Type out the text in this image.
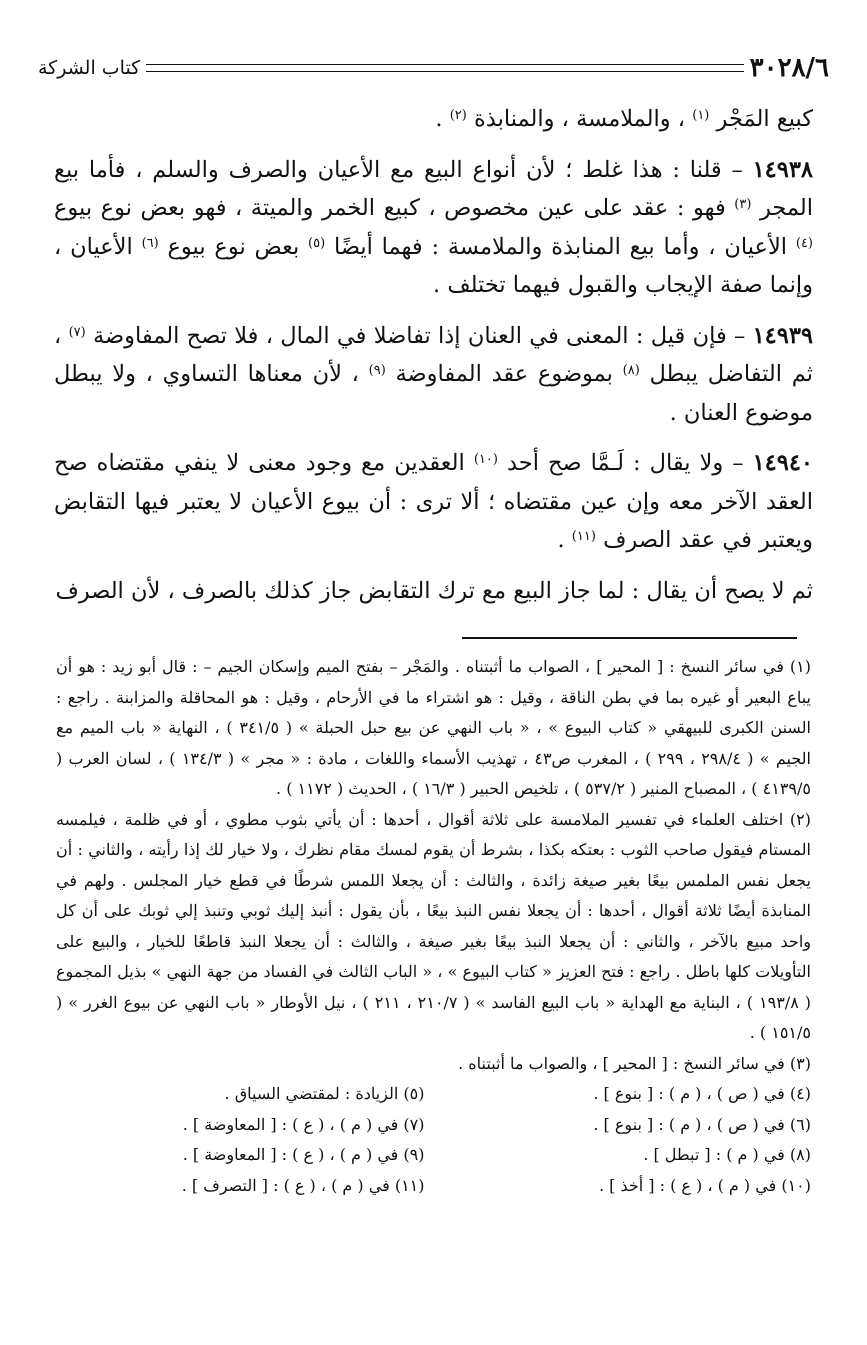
٣٠٢٨/٦
كتاب الشركة

كبيع المَجْر $^{(١)}$ ، والملامسة ، والمنابذة $^{(٢)}$ .

١٤٩٣٨ – قلنا : هذا غلط ؛ لأن أنواع البيع مع الأعيان والصرف والسلم ، فأما بيع المجر $^{(٣)}$ فهو : عقد على عين مخصوص ، كبيع الخمر والميتة ، فهو بعض نوع بيوع $^{(٤)}$ الأعيان ، وأما بيع المنابذة والملامسة : فهما أيضًا $^{(٥)}$ بعض نوع بيوع $^{(٦)}$ الأعيان ، وإنما صفة الإيجاب والقبول فيهما تختلف .

١٤٩٣٩ – فإن قيل : المعنى في العنان إذا تفاضلا في المال ، فلا تصح المفاوضة $^{(٧)}$ ، ثم التفاضل يبطل $^{(٨)}$ بموضوع عقد المفاوضة $^{(٩)}$ ، لأن معناها التساوي ، ولا يبطل موضوع العنان .

١٤٩٤٠ – ولا يقال : لَـمَّا صح أحد $^{(١٠)}$ العقدين مع وجود معنى لا ينفي مقتضاه صح العقد الآخر معه وإن عين مقتضاه ؛ ألا ترى : أن بيوع الأعيان لا يعتبر فيها التقابض ويعتبر في عقد الصرف $^{(١١)}$ .

ثم لا يصح أن يقال : لما جاز البيع مع ترك التقابض جاز كذلك بالصرف ، لأن الصرف

(١) في سائر النسخ : [ المحير ] ، الصواب ما أثبتناه . والمَجْر – بفتح الميم وإسكان الجيم – : قال أبو زيد : هو أن يباع البعير أو غيره بما في بطن الناقة ، وقيل : هو اشتراء ما في الأرحام ، وقيل : هو المحاقلة والمزابنة . راجع : السنن الكبرى للبيهقي « كتاب البيوع » ، « باب النهي عن بيع حبل الحبلة » ( ٣٤١/٥ ) ، النهاية « باب الميم مع الجيم » ( ٢٩٨/٤ ، ٢٩٩ ) ، المغرب ص٤٣ ، تهذيب الأسماء واللغات ، مادة : « مجر » ( ١٣٤/٣ ) ، لسان العرب ( ٤١٣٩/٥ ) ، المصباح المنير ( ٥٣٧/٢ ) ، تلخيص الحبير ( ١٦/٣ ) ، الحديث ( ١١٧٢ ) .

(٢) اختلف العلماء في تفسير الملامسة على ثلاثة أقوال ، أحدها : أن يأتي بثوب مطوي ، أو في ظلمة ، فيلمسه المستام فيقول صاحب الثوب : بعتكه بكذا ، بشرط أن يقوم لمسك مقام نظرك ، ولا خيار لك إذا رأيته ، والثاني : أن يجعل نفس الملمس بيعًا بغير صيغة زائدة ، والثالث : أن يجعلا اللمس شرطًا في قطع خيار المجلس . ولهم في المنابذة أيضًا ثلاثة أقوال ، أحدها : أن يجعلا نفس النبذ بيعًا ، بأن يقول : أنبذ إليك ثوبي وتنبذ إلي ثوبك على أن كل واحد مبيع بالآخر ، والثاني : أن يجعلا النبذ بيعًا بغير صيغة ، والثالث : أن يجعلا النبذ قاطعًا للخيار ، والبيع على التأويلات كلها باطل . راجع : فتح العزيز « كتاب البيوع » ، « الباب الثالث في الفساد من جهة النهي » بذيل المجموع ( ١٩٣/٨ ) ، البناية مع الهداية « باب البيع الفاسد » ( ٢١٠/٧ ، ٢١١ ) ، نيل الأوطار « باب النهي عن بيوع الغرر » ( ١٥١/٥ ) .

(٣) في سائر النسخ : [ المحير ] ، والصواب ما أثبتناه .

(٤) في ( ص ) ، ( م ) : [ بنوع ] .
(٥) الزيادة : لمقتضي السياق .
(٦) في ( ص ) ، ( م ) : [ بنوع ] .
(٧) في ( م ) ، ( ع ) : [ المعاوضة ] .
(٨) في ( م ) : [ تبطل ] .
(٩) في ( م ) ، ( ع ) : [ المعاوضة ] .
(١٠) في ( م ) ، ( ع ) : [ أخذ ] .
(١١) في ( م ) ، ( ع ) : [ التصرف ] .
